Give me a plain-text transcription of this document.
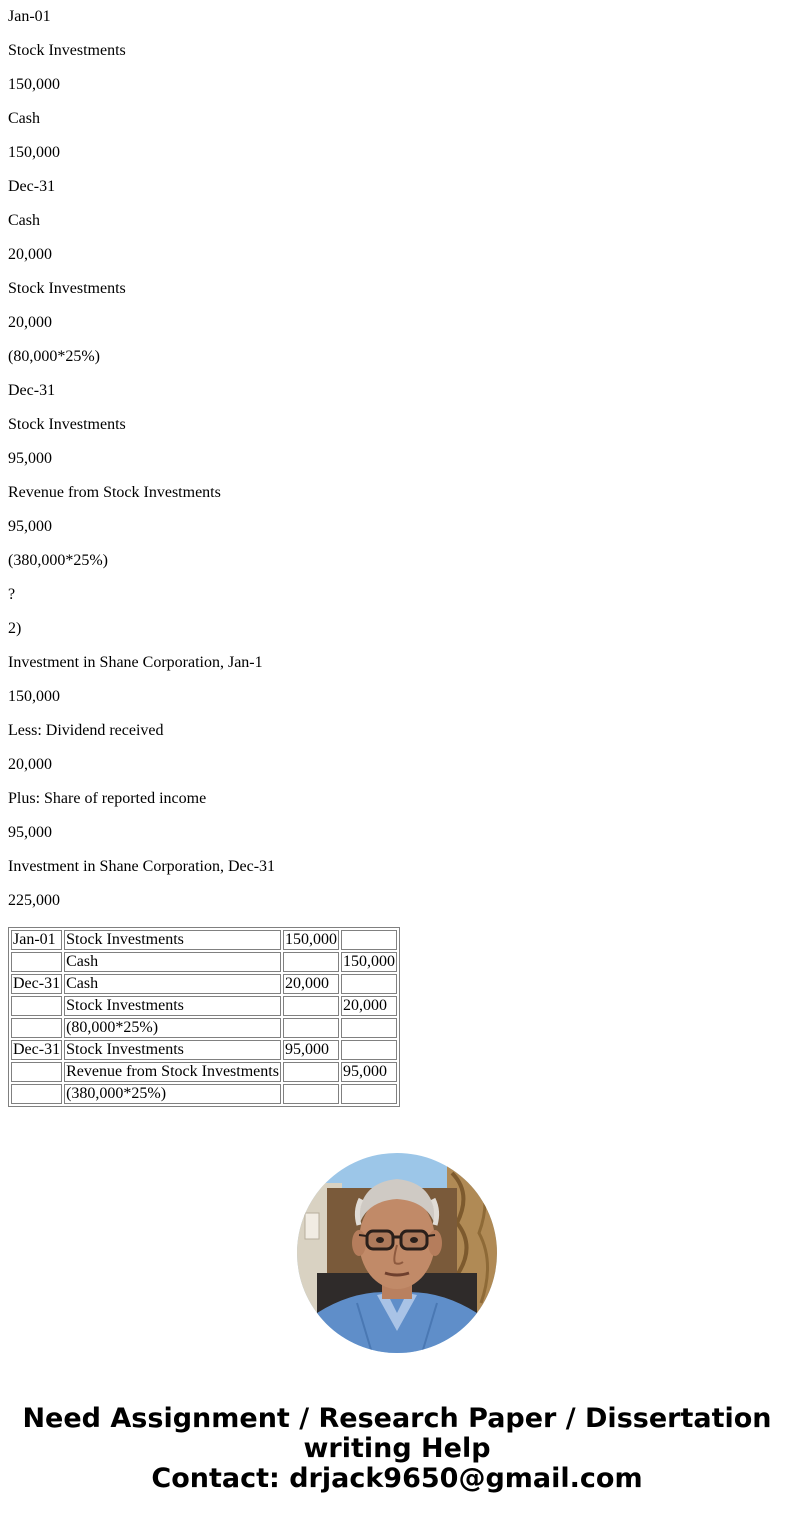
Jan-01

Stock Investments

150,000

Cash

150,000

Dec-31

Cash

20,000

Stock Investments

20,000

(80,000*25%)

Dec-31

Stock Investments

95,000

Revenue from Stock Investments

95,000

(380,000*25%)

?

2)

Investment in Shane Corporation, Jan-1

150,000

Less: Dividend received

20,000

Plus: Share of reported income

95,000

Investment in Shane Corporation, Dec-31

225,000

Jan-01	Stock Investments	150,000	
	Cash		150,000
Dec-31	Cash	20,000	
	Stock Investments		20,000
	(80,000*25%)		
Dec-31	Stock Investments	95,000	
	Revenue from Stock Investments		95,000
	(380,000*25%)		
Need Assignment / Research Paper / Dissertation
writing Help
Contact: drjack9650@gmail.com
